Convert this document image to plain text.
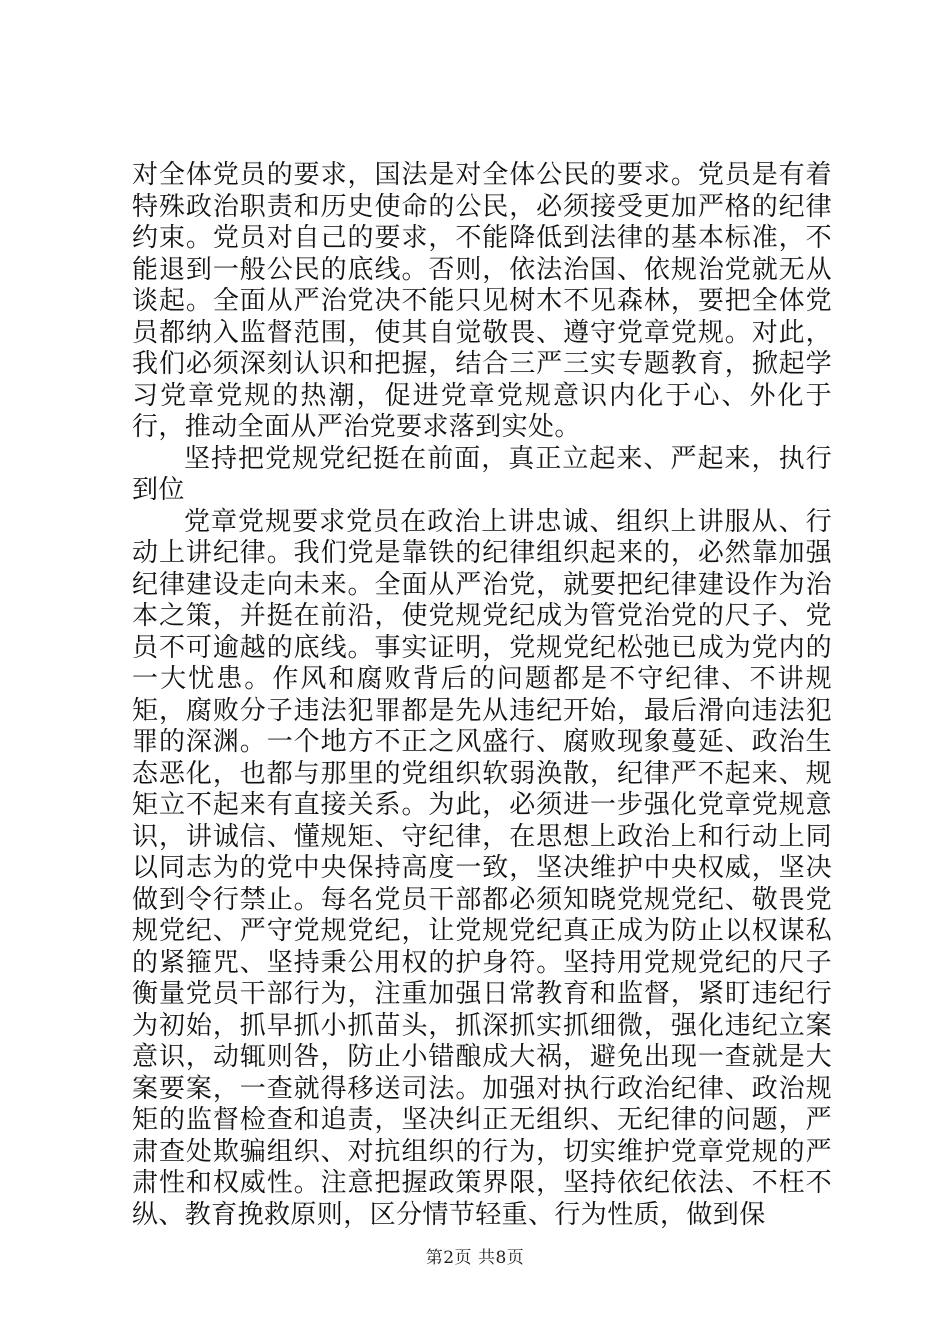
对全体党员的要求，国法是对全体公民的要求。党员是有着特殊政治职责和历史使命的公民，必须接受更加严格的纪律约束。党员对自己的要求，不能降低到法律的基本标准，不能退到一般公民的底线。否则，依法治国、依规治党就无从谈起。全面从严治党决不能只见树木不见森林，要把全体党员都纳入监督范围，使其自觉敬畏、遵守党章党规。对此，我们必须深刻认识和把握，结合三严三实专题教育，掀起学习党章党规的热潮，促进党章党规意识内化于心、外化于行，推动全面从严治党要求落到实处。

坚持把党规党纪挺在前面，真正立起来、严起来，执行到位

党章党规要求党员在政治上讲忠诚、组织上讲服从、行动上讲纪律。我们党是靠铁的纪律组织起来的，必然靠加强纪律建设走向未来。全面从严治党，就要把纪律建设作为治本之策，并挺在前沿，使党规党纪成为管党治党的尺子、党员不可逾越的底线。事实证明，党规党纪松弛已成为党内的一大忧患。作风和腐败背后的问题都是不守纪律、不讲规矩，腐败分子违法犯罪都是先从违纪开始，最后滑向违法犯罪的深渊。一个地方不正之风盛行、腐败现象蔓延、政治生态恶化，也都与那里的党组织软弱涣散，纪律严不起来、规矩立不起来有直接关系。为此，必须进一步强化党章党规意识，讲诚信、懂规矩、守纪律，在思想上政治上和行动上同以同志为的党中央保持高度一致，坚决维护中央权威，坚决做到令行禁止。每名党员干部都必须知晓党规党纪、敬畏党规党纪、严守党规党纪，让党规党纪真正成为防止以权谋私的紧箍咒、坚持秉公用权的护身符。坚持用党规党纪的尺子衡量党员干部行为，注重加强日常教育和监督，紧盯违纪行为初始，抓早抓小抓苗头，抓深抓实抓细微，强化违纪立案意识，动辄则咎，防止小错酿成大祸，避免出现一查就是大案要案，一查就得移送司法。加强对执行政治纪律、政治规矩的监督检查和追责，坚决纠正无组织、无纪律的问题，严肃查处欺骗组织、对抗组织的行为，切实维护党章党规的严肃性和权威性。注意把握政策界限，坚持依纪依法、不枉不纵、教育挽救原则，区分情节轻重、行为性质，做到保

第2页 共8页
